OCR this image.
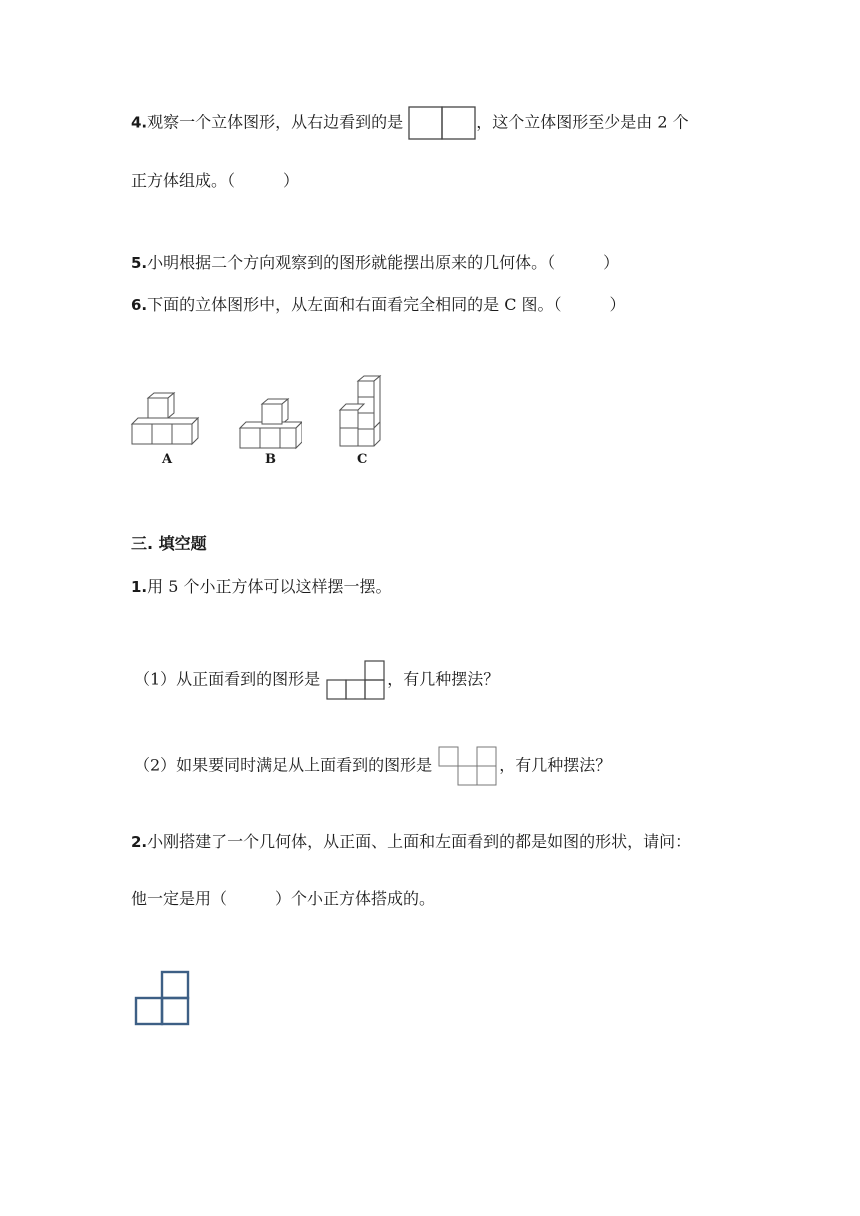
4.观察一个立体图形，从右边看到的是	，这个立体图形至少是由 2 个
正方体组成。（　　　）
5.小明根据二个方向观察到的图形就能摆出原来的几何体。（　　　）
6.下面的立体图形中，从左面和右面看完全相同的是 C 图。（　　　）
A	B	C
三. 填空题
1.用 5 个小正方体可以这样摆一摆。
（1）从正面看到的图形是	，有几种摆法？
（2）如果要同时满足从上面看到的图形是	，有几种摆法？
2.小刚搭建了一个几何体，从正面、上面和左面看到的都是如图的形状，请问：
他一定是用（　　　）个小正方体搭成的。
